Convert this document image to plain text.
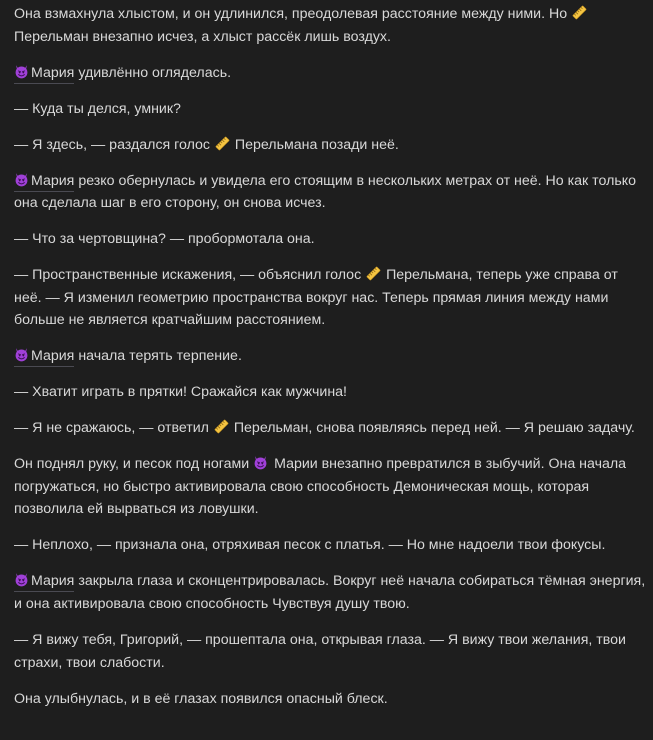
Она взмахнула хлыстом, и он удлинился, преодолевая расстояние между ними. Но  Перельман внезапно исчез, а хлыст рассёк лишь воздух.

Мария удивлённо огляделась.

— Куда ты делся, умник?

— Я здесь, — раздался голос  Перельмана позади неё.

Мария резко обернулась и увидела его стоящим в нескольких метрах от неё. Но как только она сделала шаг в его сторону, он снова исчез.

— Что за чертовщина? — пробормотала она.

— Пространственные искажения, — объяснил голос  Перельмана, теперь уже справа от неё. — Я изменил геометрию пространства вокруг нас. Теперь прямая линия между нами больше не является кратчайшим расстоянием.

Мария начала терять терпение.

— Хватит играть в прятки! Сражайся как мужчина!

— Я не сражаюсь, — ответил  Перельман, снова появляясь перед ней. — Я решаю задачу.

Он поднял руку, и песок под ногами  Марии внезапно превратился в зыбучий. Она начала погружаться, но быстро активировала свою способность Демоническая мощь, которая позволила ей вырваться из ловушки.

— Неплохо, — признала она, отряхивая песок с платья. — Но мне надоели твои фокусы.

Мария закрыла глаза и сконцентрировалась. Вокруг неё начала собираться тёмная энергия, и она активировала свою способность Чувствуя душу твою.

— Я вижу тебя, Григорий, — прошептала она, открывая глаза. — Я вижу твои желания, твои страхи, твои слабости.

Она улыбнулась, и в её глазах появился опасный блеск.
